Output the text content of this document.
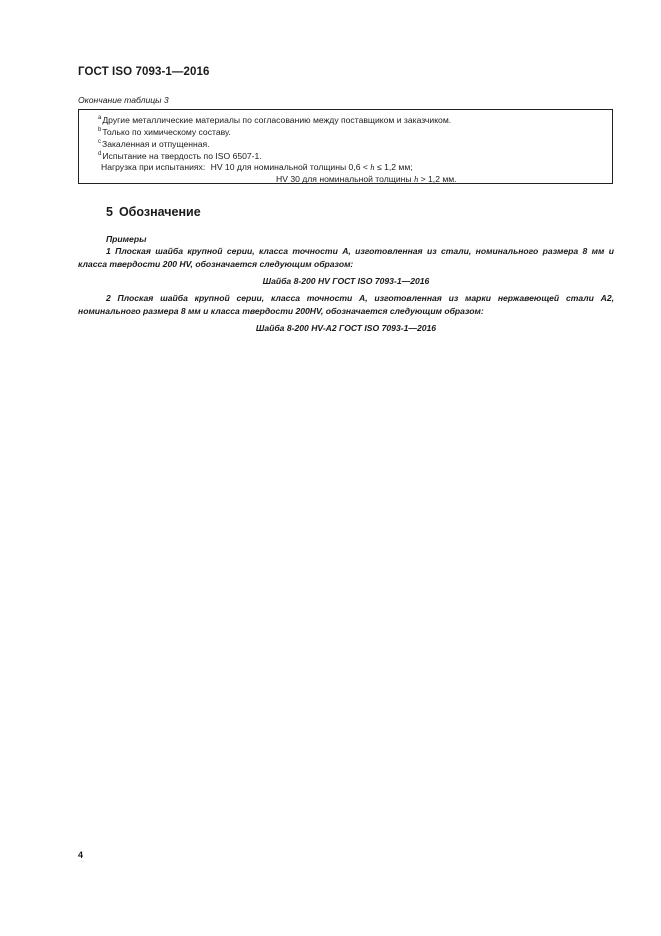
ГОСТ ISO 7093-1—2016
Окончание таблицы 3
$^a$Другие металлические материалы по согласованию между поставщиком и заказчиком.
$^b$Только по химическому составу.
$^c$Закаленная и отпущенная.
$^d$Испытание на твердость по ISO 6507-1.
Нагрузка при испытаниях: HV 10 для номинальной толщины 0,6 < h ≤ 1,2 мм;
HV 30 для номинальной толщины h > 1,2 мм.
5 Обозначение
Примеры
1 Плоская шайба крупной серии, класса точности А, изготовленная из стали, номинального размера 8 мм и класса твердости 200 HV, обозначается следующим образом:
Шайба 8-200 HV ГОСТ ISO 7093-1—2016
2 Плоская шайба крупной серии, класса точности А, изготовленная из марки нержавеющей стали А2, номинального размера 8 мм и класса твердости 200HV, обозначается следующим образом:
Шайба 8-200 HV-A2 ГОСТ ISO 7093-1—2016
4
